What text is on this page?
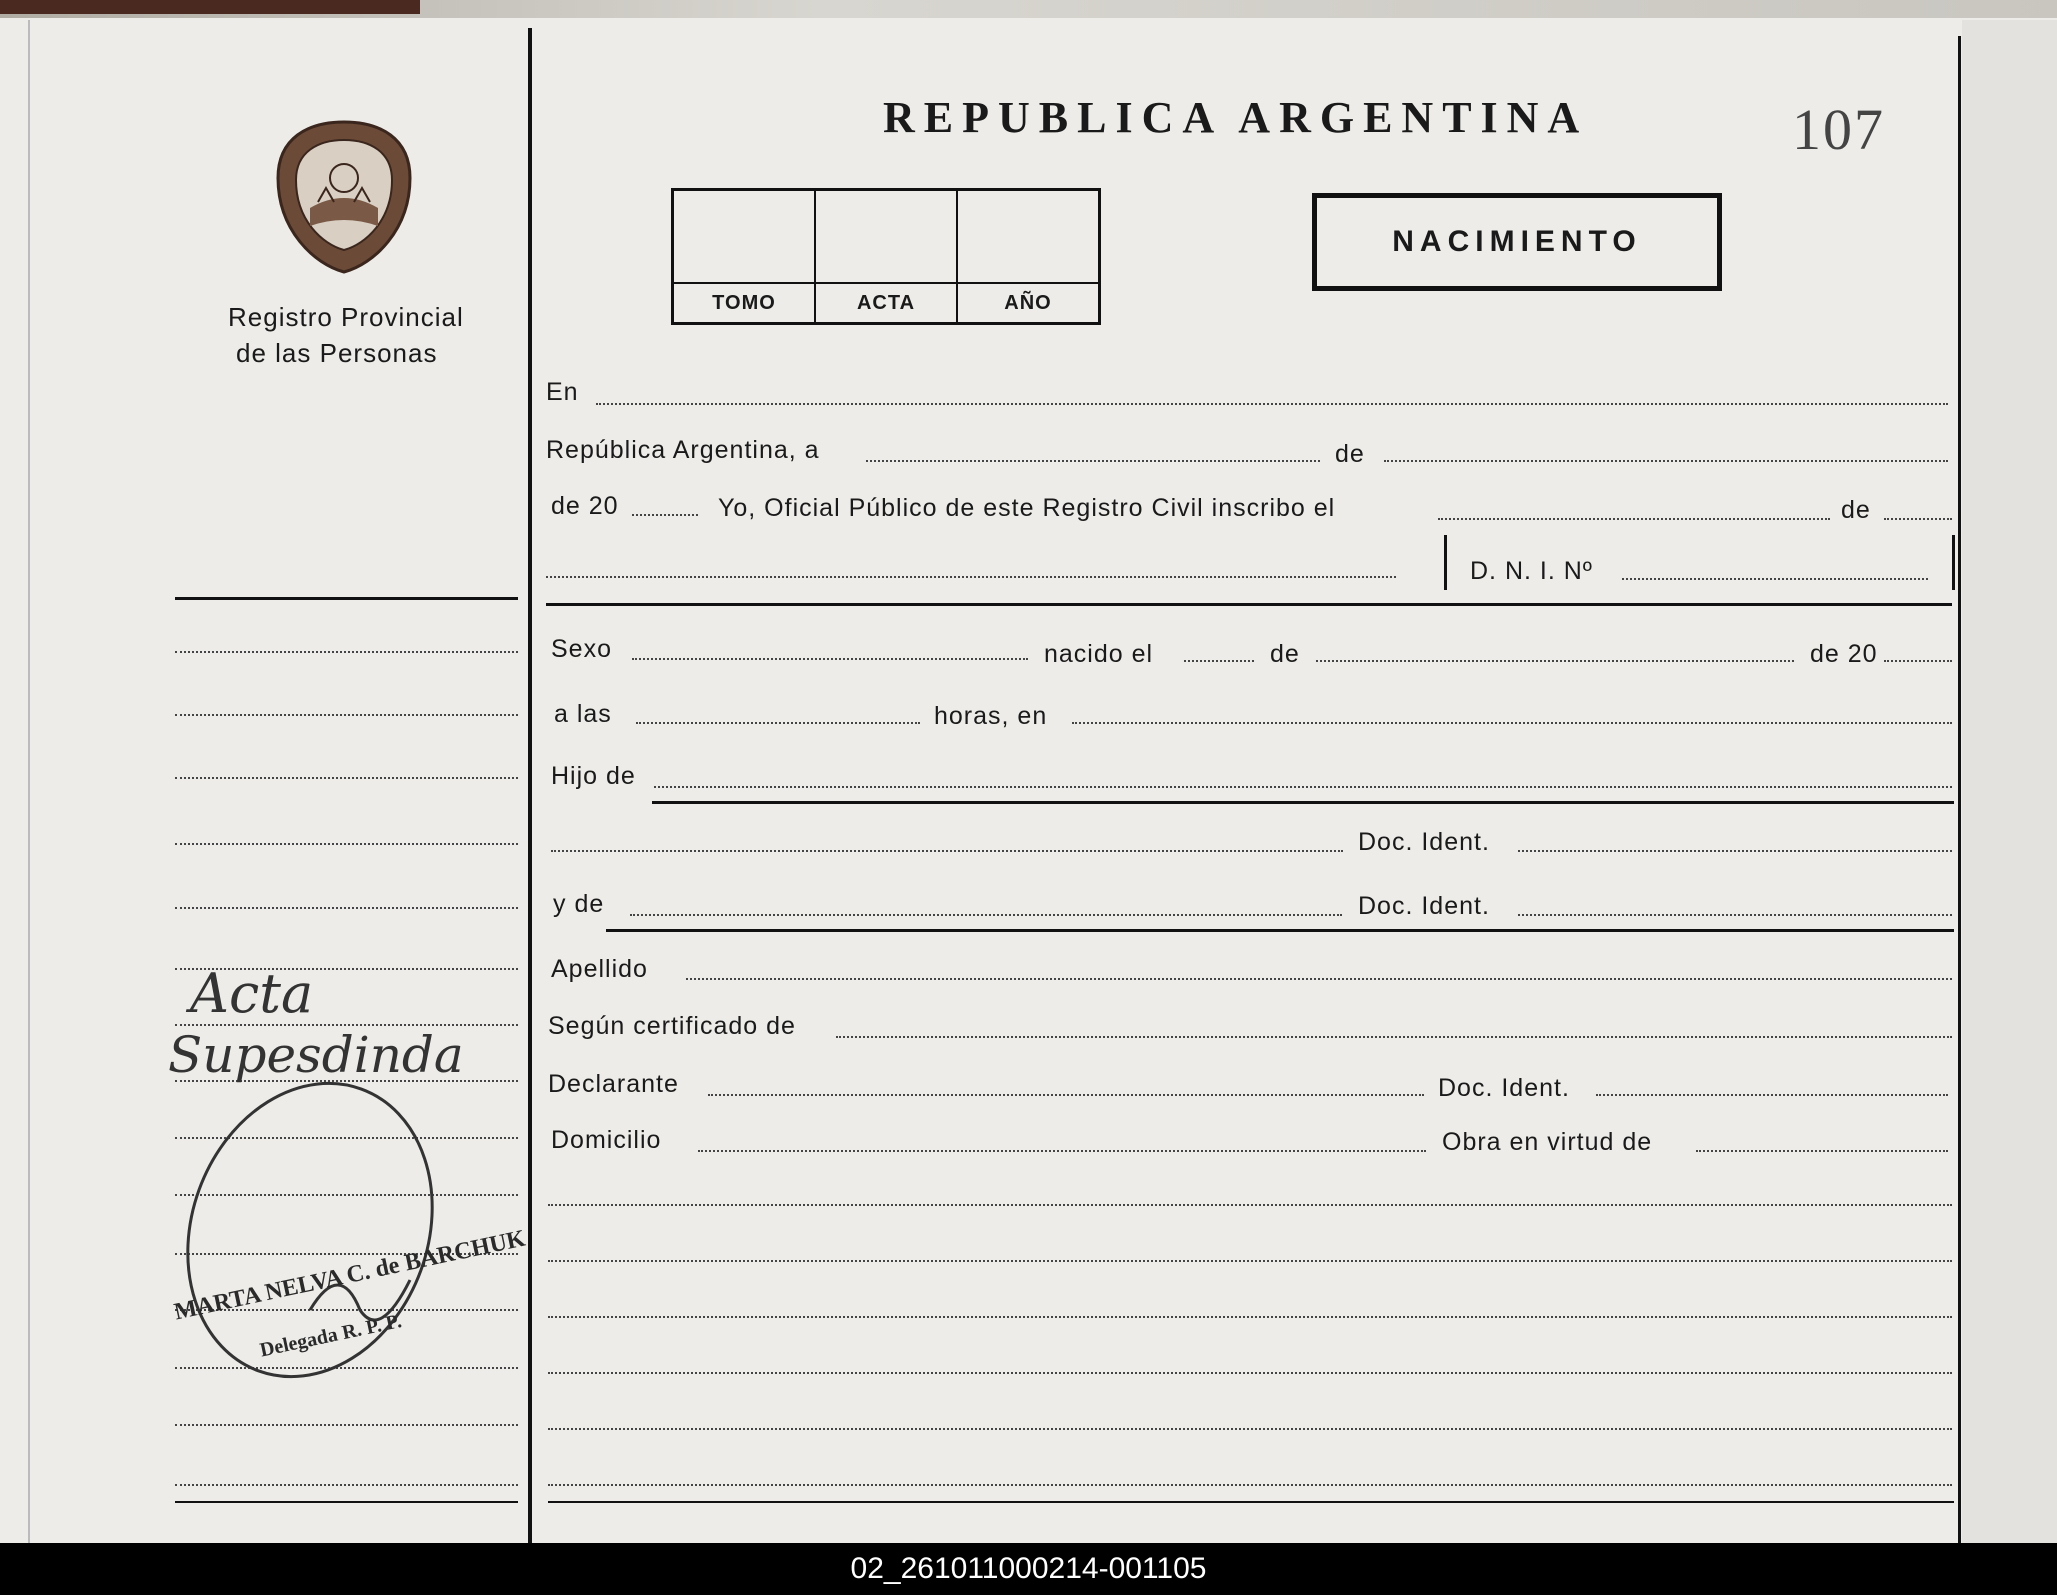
REPUBLICA ARGENTINA	107
Registro Provincial
de las Personas
Acta
Supesdinda
MARTA NELVA C. de BARCHUK
Delegada R. P. P.
TOMO	ACTA	AÑO
NACIMIENTO
En
República Argentina, a	de
de 20	Yo, Oficial Público de este Registro Civil inscribo el	de
D. N. I. Nº
Sexo	nacido el	de	de 20
a las	horas, en
Hijo de
Doc. Ident.
y de	Doc. Ident.
Apellido
Según certificado de
Declarante	Doc. Ident.
Domicilio	Obra en virtud de
02_261011000214-001105
